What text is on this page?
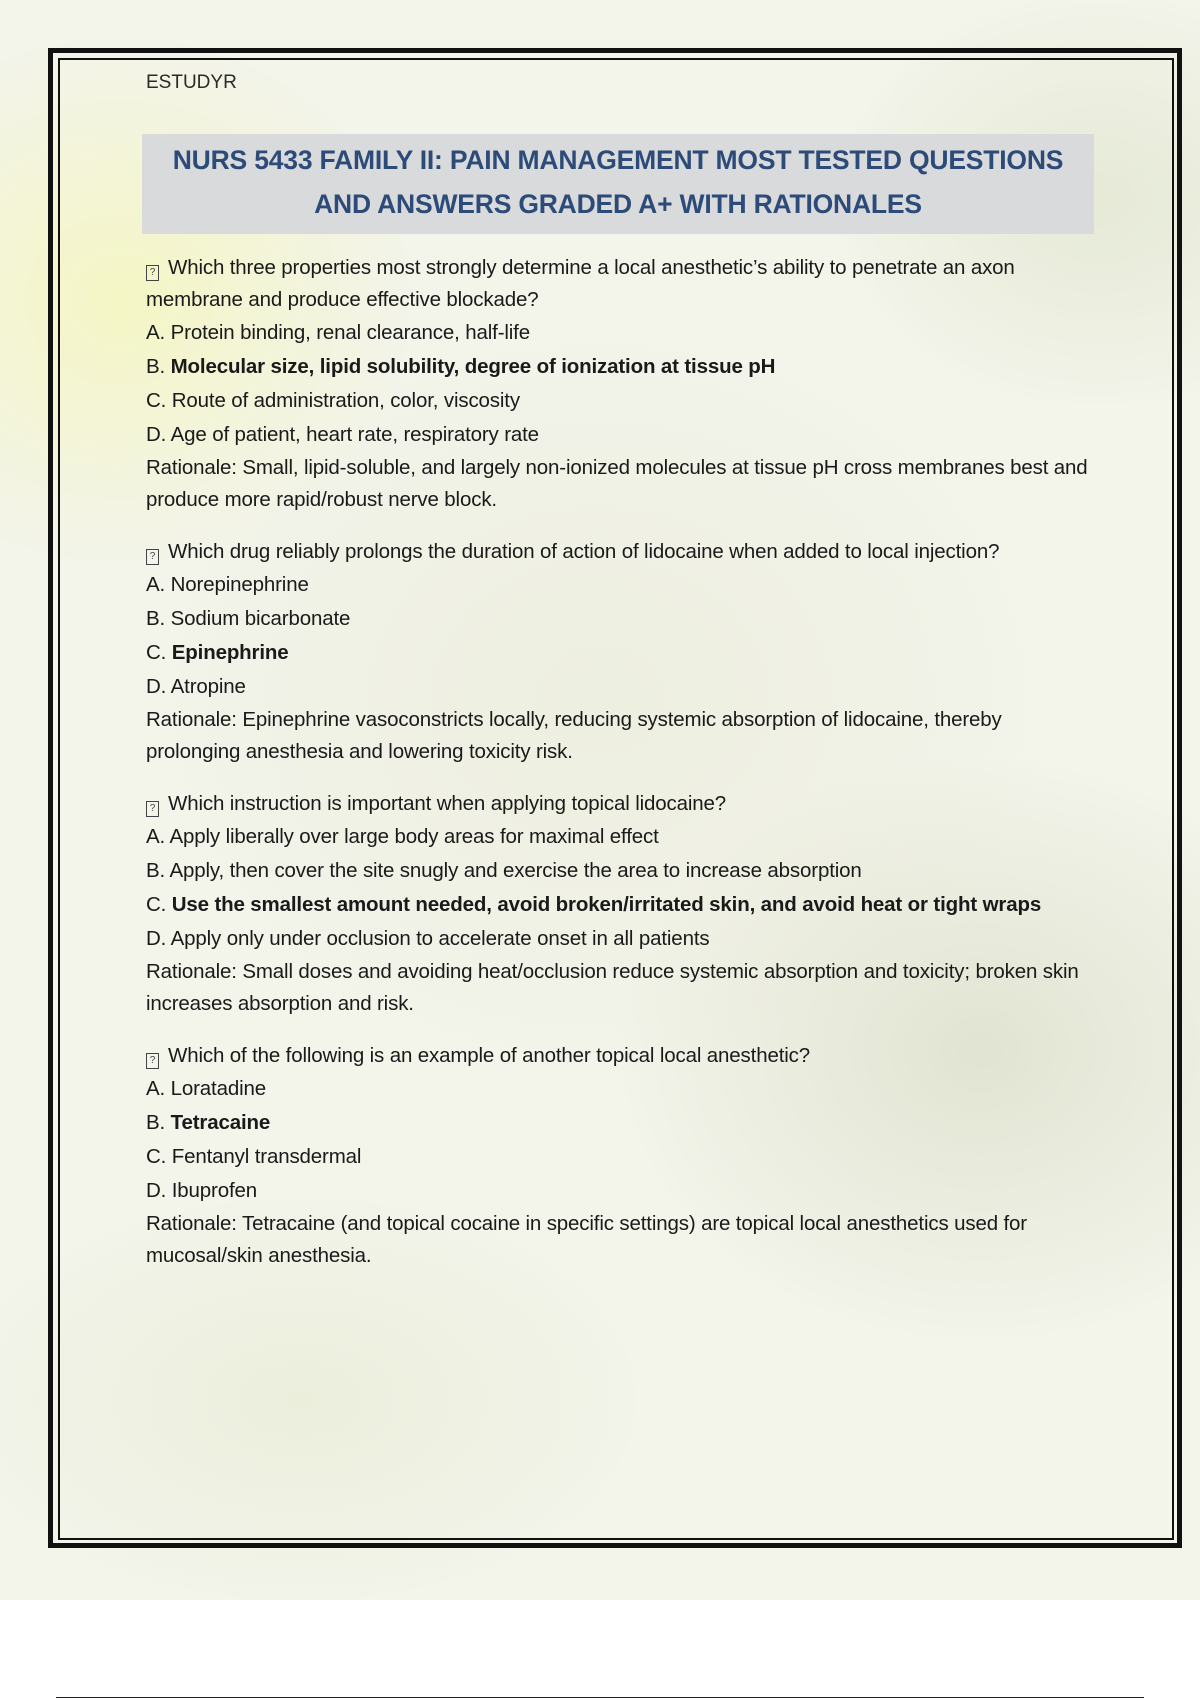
ESTUDYR
NURS 5433 FAMILY II: PAIN MANAGEMENT MOST TESTED QUESTIONS
AND ANSWERS GRADED A+ WITH RATIONALES
? Which three properties most strongly determine a local anesthetic’s ability to penetrate an axon membrane and produce effective blockade?
A. Protein binding, renal clearance, half-life
B. Molecular size, lipid solubility, degree of ionization at tissue pH
C. Route of administration, color, viscosity
D. Age of patient, heart rate, respiratory rate
Rationale: Small, lipid-soluble, and largely non-ionized molecules at tissue pH cross membranes best and produce more rapid/robust nerve block.
? Which drug reliably prolongs the duration of action of lidocaine when added to local injection?
A. Norepinephrine
B. Sodium bicarbonate
C. Epinephrine
D. Atropine
Rationale: Epinephrine vasoconstricts locally, reducing systemic absorption of lidocaine, thereby prolonging anesthesia and lowering toxicity risk.
? Which instruction is important when applying topical lidocaine?
A. Apply liberally over large body areas for maximal effect
B. Apply, then cover the site snugly and exercise the area to increase absorption
C. Use the smallest amount needed, avoid broken/irritated skin, and avoid heat or tight wraps
D. Apply only under occlusion to accelerate onset in all patients
Rationale: Small doses and avoiding heat/occlusion reduce systemic absorption and toxicity; broken skin increases absorption and risk.
? Which of the following is an example of another topical local anesthetic?
A. Loratadine
B. Tetracaine
C. Fentanyl transdermal
D. Ibuprofen
Rationale: Tetracaine (and topical cocaine in specific settings) are topical local anesthetics used for mucosal/skin anesthesia.
